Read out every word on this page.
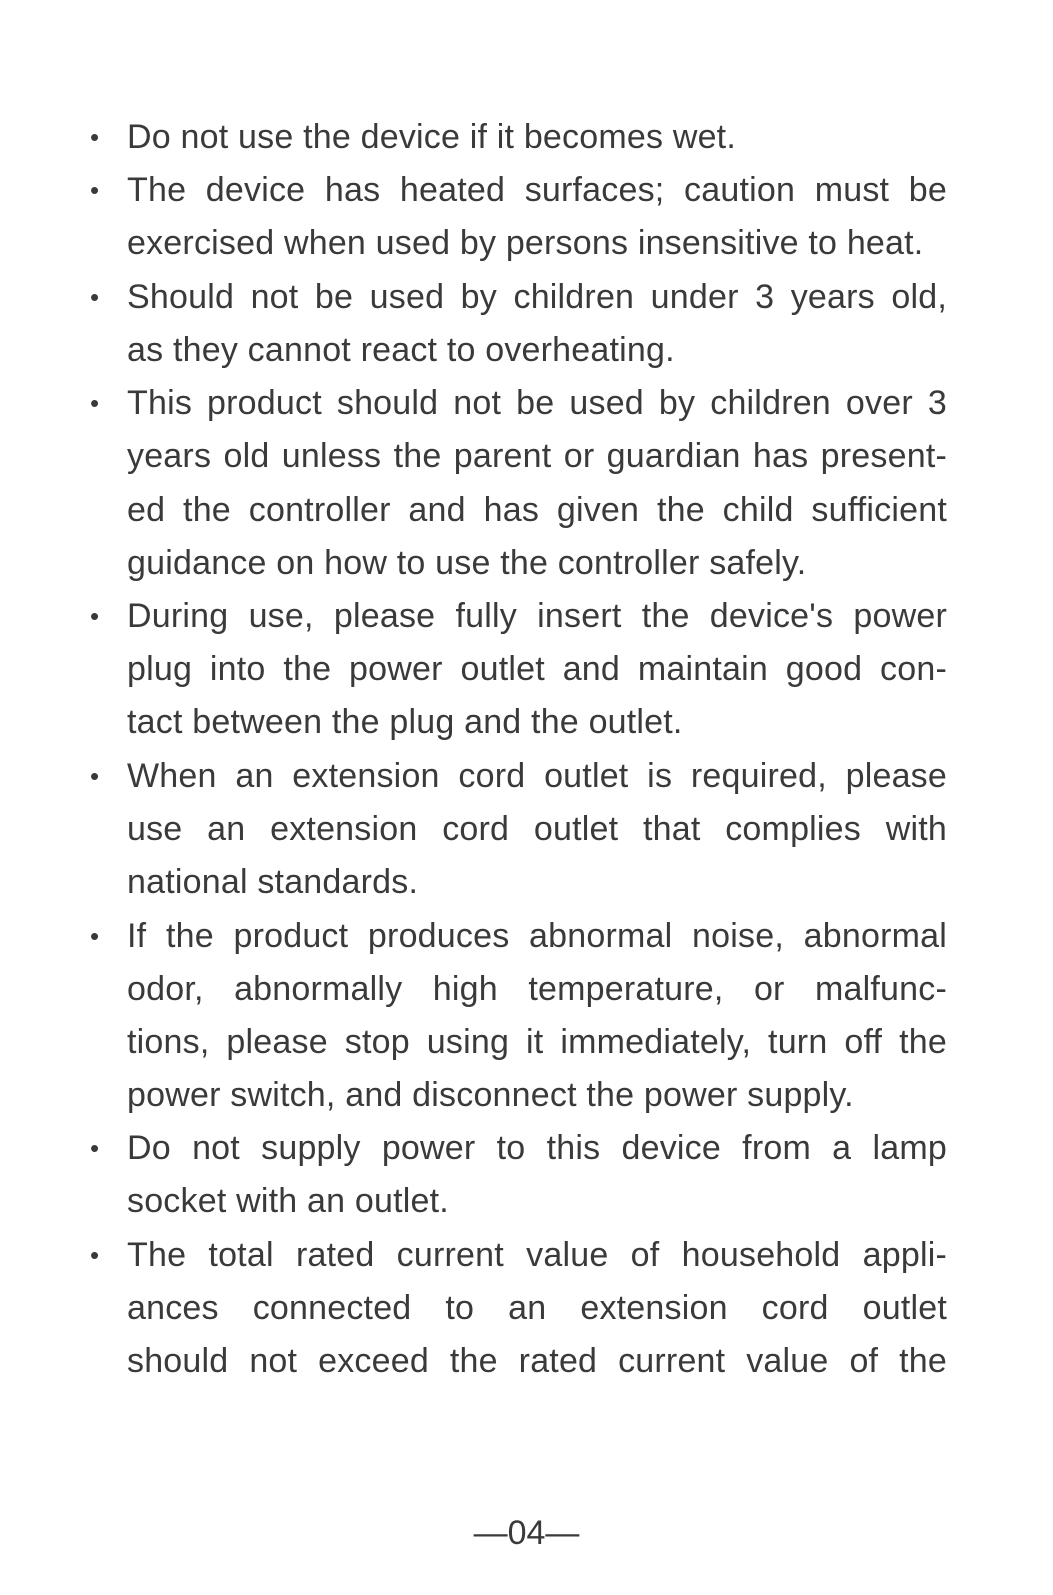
• Do not use the device if it becomes wet.
• The device has heated surfaces; caution must be
exercised when used by persons insensitive to heat.
• Should not be used by children under 3 years old,
as they cannot react to overheating.
• This product should not be used by children over 3
years old unless the parent or guardian has present-
ed the controller and has given the child sufficient
guidance on how to use the controller safely.
• During use, please fully insert the device's power
plug into the power outlet and maintain good con-
tact between the plug and the outlet.
• When an extension cord outlet is required, please
use an extension cord outlet that complies with
national standards.
• If the product produces abnormal noise, abnormal
odor, abnormally high temperature, or malfunc-
tions, please stop using it immediately, turn off the
power switch, and disconnect the power supply.
• Do not supply power to this device from a lamp
socket with an outlet.
• The total rated current value of household appli-
ances connected to an extension cord outlet
should not exceed the rated current value of the
—04—
